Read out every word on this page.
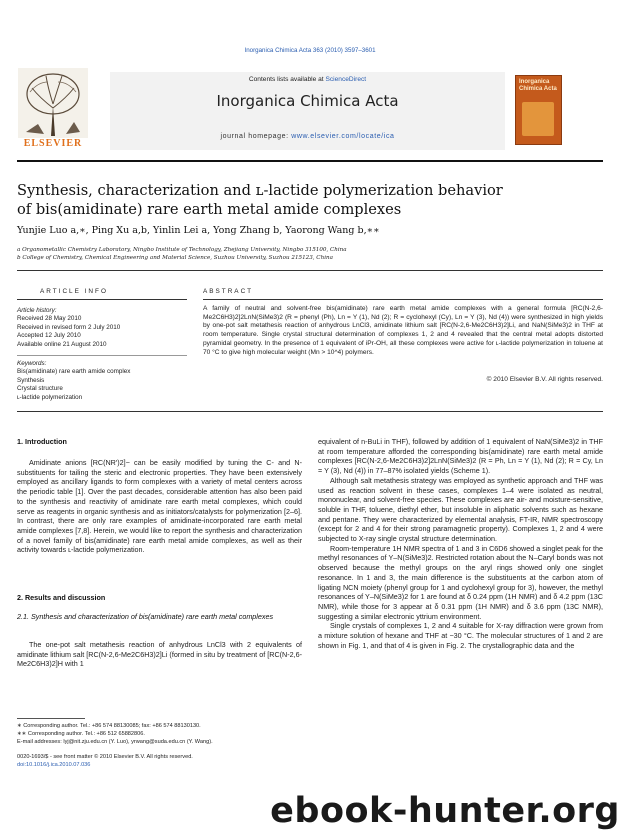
Inorganica Chimica Acta 363 (2010) 3597–3601
ELSEVIER
Contents lists available at ScienceDirect
Inorganica Chimica Acta
journal homepage: www.elsevier.com/locate/ica
Inorganica Chimica Acta
Synthesis, characterization and ʟ-lactide polymerization behavior
of bis(amidinate) rare earth metal amide complexes
Yunjie Luo a,∗, Ping Xu a,b, Yinlin Lei a, Yong Zhang b, Yaorong Wang b,∗∗
a Organometallic Chemistry Laboratory, Ningbo Institute of Technology, Zhejiang University, Ningbo 315100, China
b College of Chemistry, Chemical Engineering and Material Science, Suzhou University, Suzhou 215123, China
ARTICLE INFO
Article history:
Received 28 May 2010
Received in revised form 2 July 2010
Accepted 12 July 2010
Available online 21 August 2010
Keywords:
Bis(amidinate) rare earth amide complex
Synthesis
Crystal structure
ʟ-lactide polymerization
ABSTRACT
A family of neutral and solvent-free bis(amidinate) rare earth metal amide complexes with a general formula [RC(N-2,6-Me2C6H3)2]2LnN(SiMe3)2 (R = phenyl (Ph), Ln = Y (1), Nd (2); R = cyclohexyl (Cy), Ln = Y (3), Nd (4)) were synthesized in high yields by one-pot salt metathesis reaction of anhydrous LnCl3, amidinate lithium salt [RC(N-2,6-Me2C6H3)2]Li, and NaN(SiMe3)2 in THF at room temperature. Single crystal structural determination of complexes 1, 2 and 4 revealed that the central metal adopts distorted pyramidal geometry. In the presence of 1 equivalent of iPr-OH, all these complexes were active for ʟ-lactide polymerization in toluene at 70 °C to give high molecular weight (Mn > 10^4) polymers.
© 2010 Elsevier B.V. All rights reserved.
1. Introduction

Amidinate anions [RC(NR′)2]− can be easily modified by tuning the C- and N-substituents for tailing the steric and electronic properties. They have been extensively employed as ancillary ligands to form complexes with a variety of metal centers across the periodic table [1]. Over the past decades, considerable attention has also been paid to the synthesis and reactivity of amidinate rare earth metal complexes, which could serve as reagents in organic synthesis and as initiators/catalysts for polymerization [2–6]. In contrast, there are only rare examples of amidinate-incorporated rare earth metal amide complexes [7,8]. Herein, we would like to report the synthesis and characterization of a novel family of bis(amidinate) rare earth metal amide complexes, as well as their activity towards ʟ-lactide polymerization.

2. Results and discussion
2.1. Synthesis and characterization of bis(amidinate) rare earth metal complexes

The one-pot salt metathesis reaction of anhydrous LnCl3 with 2 equivalents of amidinate lithium salt [RC(N-2,6-Me2C6H3)2]Li (formed in situ by treatment of [RC(N-2,6-Me2C6H3)2]H with 1

∗ Corresponding author. Tel.: +86 574 88130085; fax: +86 574 88130130.
∗∗ Corresponding author. Tel.: +86 512 65882806.
E-mail addresses: lyj@nit.zju.edu.cn (Y. Luo), yrwang@suda.edu.cn (Y. Wang).
0020-1693/$ - see front matter © 2010 Elsevier B.V. All rights reserved.
doi:10.1016/j.ica.2010.07.036

equivalent of n-BuLi in THF), followed by addition of 1 equivalent of NaN(SiMe3)2 in THF at room temperature afforded the corresponding bis(amidinate) rare earth metal amide complexes [RC(N-2,6-Me2C6H3)2]2LnN(SiMe3)2 (R = Ph, Ln = Y (1), Nd (2); R = Cy, Ln = Y (3), Nd (4)) in 77–87% isolated yields (Scheme 1).

Although salt metathesis strategy was employed as synthetic approach and THF was used as reaction solvent in these cases, complexes 1–4 were isolated as neutral, mononuclear, and solvent-free species. These complexes are air- and moisture-sensitive, soluble in THF, toluene, diethyl ether, but insoluble in aliphatic solvents such as hexane and pentane. They were characterized by elemental analysis, FT-IR, NMR spectroscopy (except for 2 and 4 for their strong paramagnetic property). Complexes 1, 2 and 4 were subjected to X-ray single crystal structure determination.

Room-temperature 1H NMR spectra of 1 and 3 in C6D6 showed a singlet peak for the methyl resonances of Y–N(SiMe3)2. Restricted rotation about the N–Caryl bonds was not observed because the methyl groups on the aryl rings showed only one singlet resonance. In 1 and 3, the main difference is the substituents at the carbon atom of ligating NCN moiety (phenyl group for 1 and cyclohexyl group for 3), however, the methyl resonances of Y–N(SiMe3)2 for 1 are found at δ 0.24 ppm (1H NMR) and δ 4.2 ppm (13C NMR), while those for 3 appear at δ 0.31 ppm (1H NMR) and δ 3.6 ppm (13C NMR), suggesting a similar electronic yttrium environment.

Single crystals of complexes 1, 2 and 4 suitable for X-ray diffraction were grown from a mixture solution of hexane and THF at −30 °C. The molecular structures of 1 and 2 are shown in Fig. 1, and that of 4 is given in Fig. 2. The crystallographic data and the

ebook-hunter.org
